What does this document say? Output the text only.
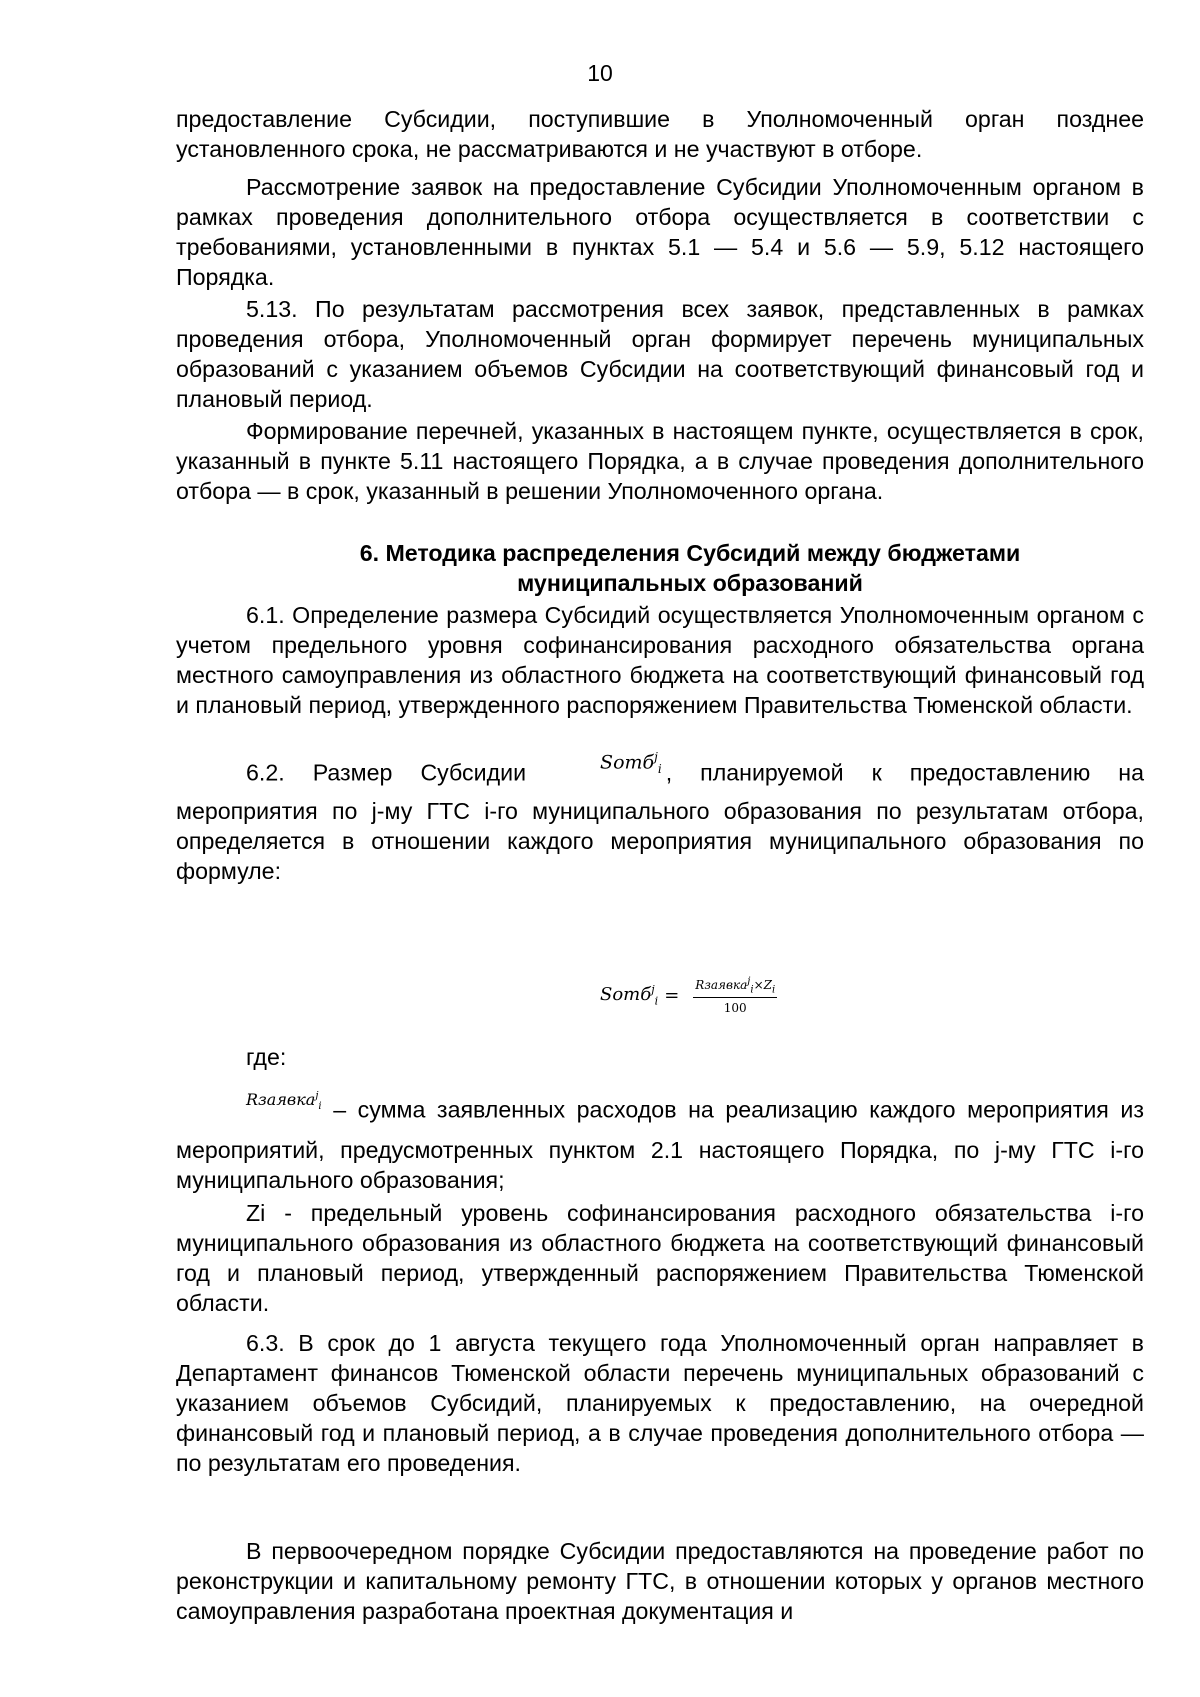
10

предоставление Субсидии, поступившие в Уполномоченный орган позднее установленного срока, не рассматриваются и не участвуют в отборе.

Рассмотрение заявок на предоставление Субсидии Уполномоченным органом в рамках проведения дополнительного отбора осуществляется в соответствии с требованиями, установленными в пунктах 5.1 — 5.4 и 5.6 — 5.9, 5.12 настоящего Порядка.

5.13. По результатам рассмотрения всех заявок, представленных в рамках проведения отбора, Уполномоченный орган формирует перечень муниципальных образований с указанием объемов Субсидии на соответствующий финансовый год и плановый период.

Формирование перечней, указанных в настоящем пункте, осуществляется в срок, указанный в пункте 5.11 настоящего Порядка, а в случае проведения дополнительного отбора — в срок, указанный в решении Уполномоченного органа.

6. Методика распределения Субсидий между бюджетами
муниципальных образований

6.1. Определение размера Субсидий осуществляется Уполномоченным органом с учетом предельного уровня софинансирования расходного обязательства органа местного самоуправления из областного бюджета на соответствующий финансовый год и плановый период, утвержденного распоряжением Правительства Тюменской области.

6.2. Размер Субсидии	Sотб$^j_i$ , планируемой к предоставлению на мероприятия по j-му ГТС i-го муниципального образования по результатам отбора, определяется в отношении каждого мероприятия муниципального образования по формуле:

Sотб$^j_i$ = $\frac{Rзаявка^j_i\times Z_i}{100}$

где:

$^{Rзаявка^j_i}$ – сумма заявленных расходов на реализацию каждого мероприятия из мероприятий, предусмотренных пунктом 2.1 настоящего Порядка, по j-му ГТС i-го муниципального образования;

Zi - предельный уровень софинансирования расходного обязательства i-го муниципального образования из областного бюджета на соответствующий финансовый год и плановый период, утвержденный распоряжением Правительства Тюменской области.

6.3. В срок до 1 августа текущего года Уполномоченный орган направляет в Департамент финансов Тюменской области перечень муниципальных образований с указанием объемов Субсидий, планируемых к предоставлению, на очередной финансовый год и плановый период, а в случае проведения дополнительного отбора — по результатам его проведения.

В первоочередном порядке Субсидии предоставляются на проведение работ по реконструкции и капитальному ремонту ГТС, в отношении которых у органов местного самоуправления разработана проектная документация и
